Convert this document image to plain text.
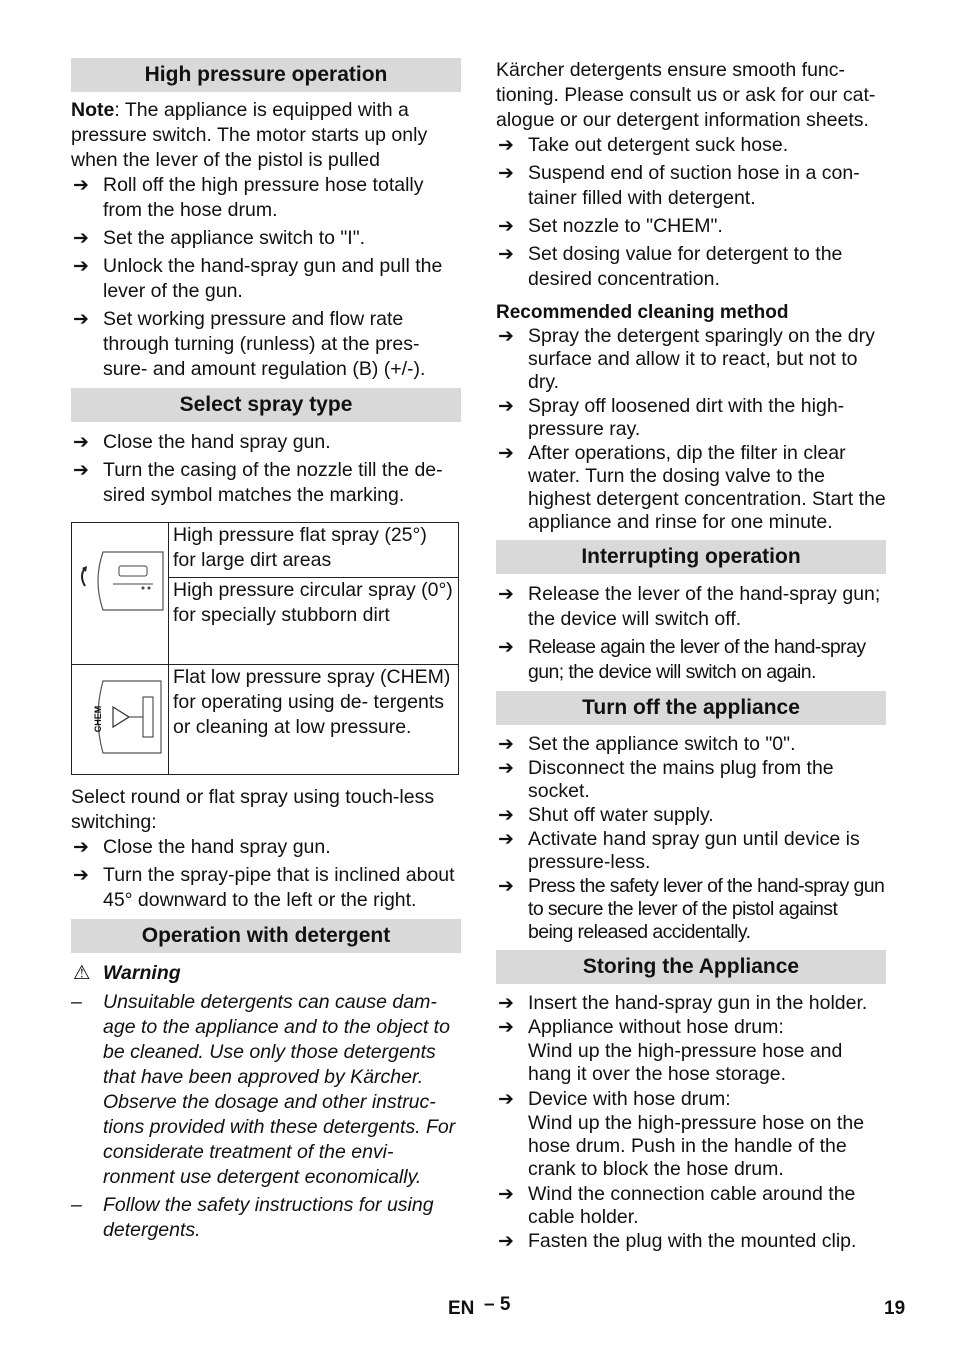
High pressure operation

Note: The appliance is equipped with a pressure switch. The motor starts up only when the lever of the pistol is pulled

➔ Roll off the high pressure hose totally from the hose drum.
➔ Set the appliance switch to "I".
➔ Unlock the hand-spray gun and pull the lever of the gun.
➔ Set working pressure and flow rate through turning (runless) at the pres- sure- and amount regulation (B) (+/-).
Select spray type
➔ Close the hand spray gun.
➔ Turn the casing of the nozzle till the de- sired symbol matches the marking.
	High pressure flat spray (25°) for large dirt areas
	High pressure circular spray (0°) for specially stubborn dirt

CHEM	Flat low pressure spray (CHEM) for operating using de- tergents or cleaning at low pressure.

Select round or flat spray using touch-less switching:

➔ Close the hand spray gun.
➔ Turn the spray-pipe that is inclined about 45° downward to the left or the right.
Operation with detergent
⚠ Warning
– Unsuitable detergents can cause dam- age to the appliance and to the object to be cleaned. Use only those detergents that have been approved by Kärcher. Observe the dosage and other instruc- tions provided with these detergents. For considerate treatment of the envi- ronment use detergent economically.
– Follow the safety instructions for using detergents.

Kärcher detergents ensure smooth func- tioning. Please consult us or ask for our cat- alogue or our detergent information sheets.

➔ Take out detergent suck hose.
➔ Suspend end of suction hose in a con- tainer filled with detergent.
➔ Set nozzle to "CHEM".
➔ Set dosing value for detergent to the desired concentration.
Recommended cleaning method
➔ Spray the detergent sparingly on the dry surface and allow it to react, but not to dry.
➔ Spray off loosened dirt with the high- pressure ray.
➔ After operations, dip the filter in clear water. Turn the dosing valve to the highest detergent concentration. Start the appliance and rinse for one minute.
Interrupting operation
➔ Release the lever of the hand-spray gun; the device will switch off.
➔ Release again the lever of the hand-spray gun; the device will switch on again.
Turn off the appliance
➔ Set the appliance switch to "0".
➔ Disconnect the mains plug from the socket.
➔ Shut off water supply.
➔ Activate hand spray gun until device is pressure-less.
➔ Press the safety lever of the hand-spray gun to secure the lever of the pistol against being released accidentally.
Storing the Appliance
➔ Insert the hand-spray gun in the holder.
➔ Appliance without hose drum:

Wind up the high-pressure hose and hang it over the hose storage.

➔ Device with hose drum:

Wind up the high-pressure hose on the hose drum. Push in the handle of the crank to block the hose drum.

➔ Wind the connection cable around the cable holder.
➔ Fasten the plug with the mounted clip.
EN – 5	19
